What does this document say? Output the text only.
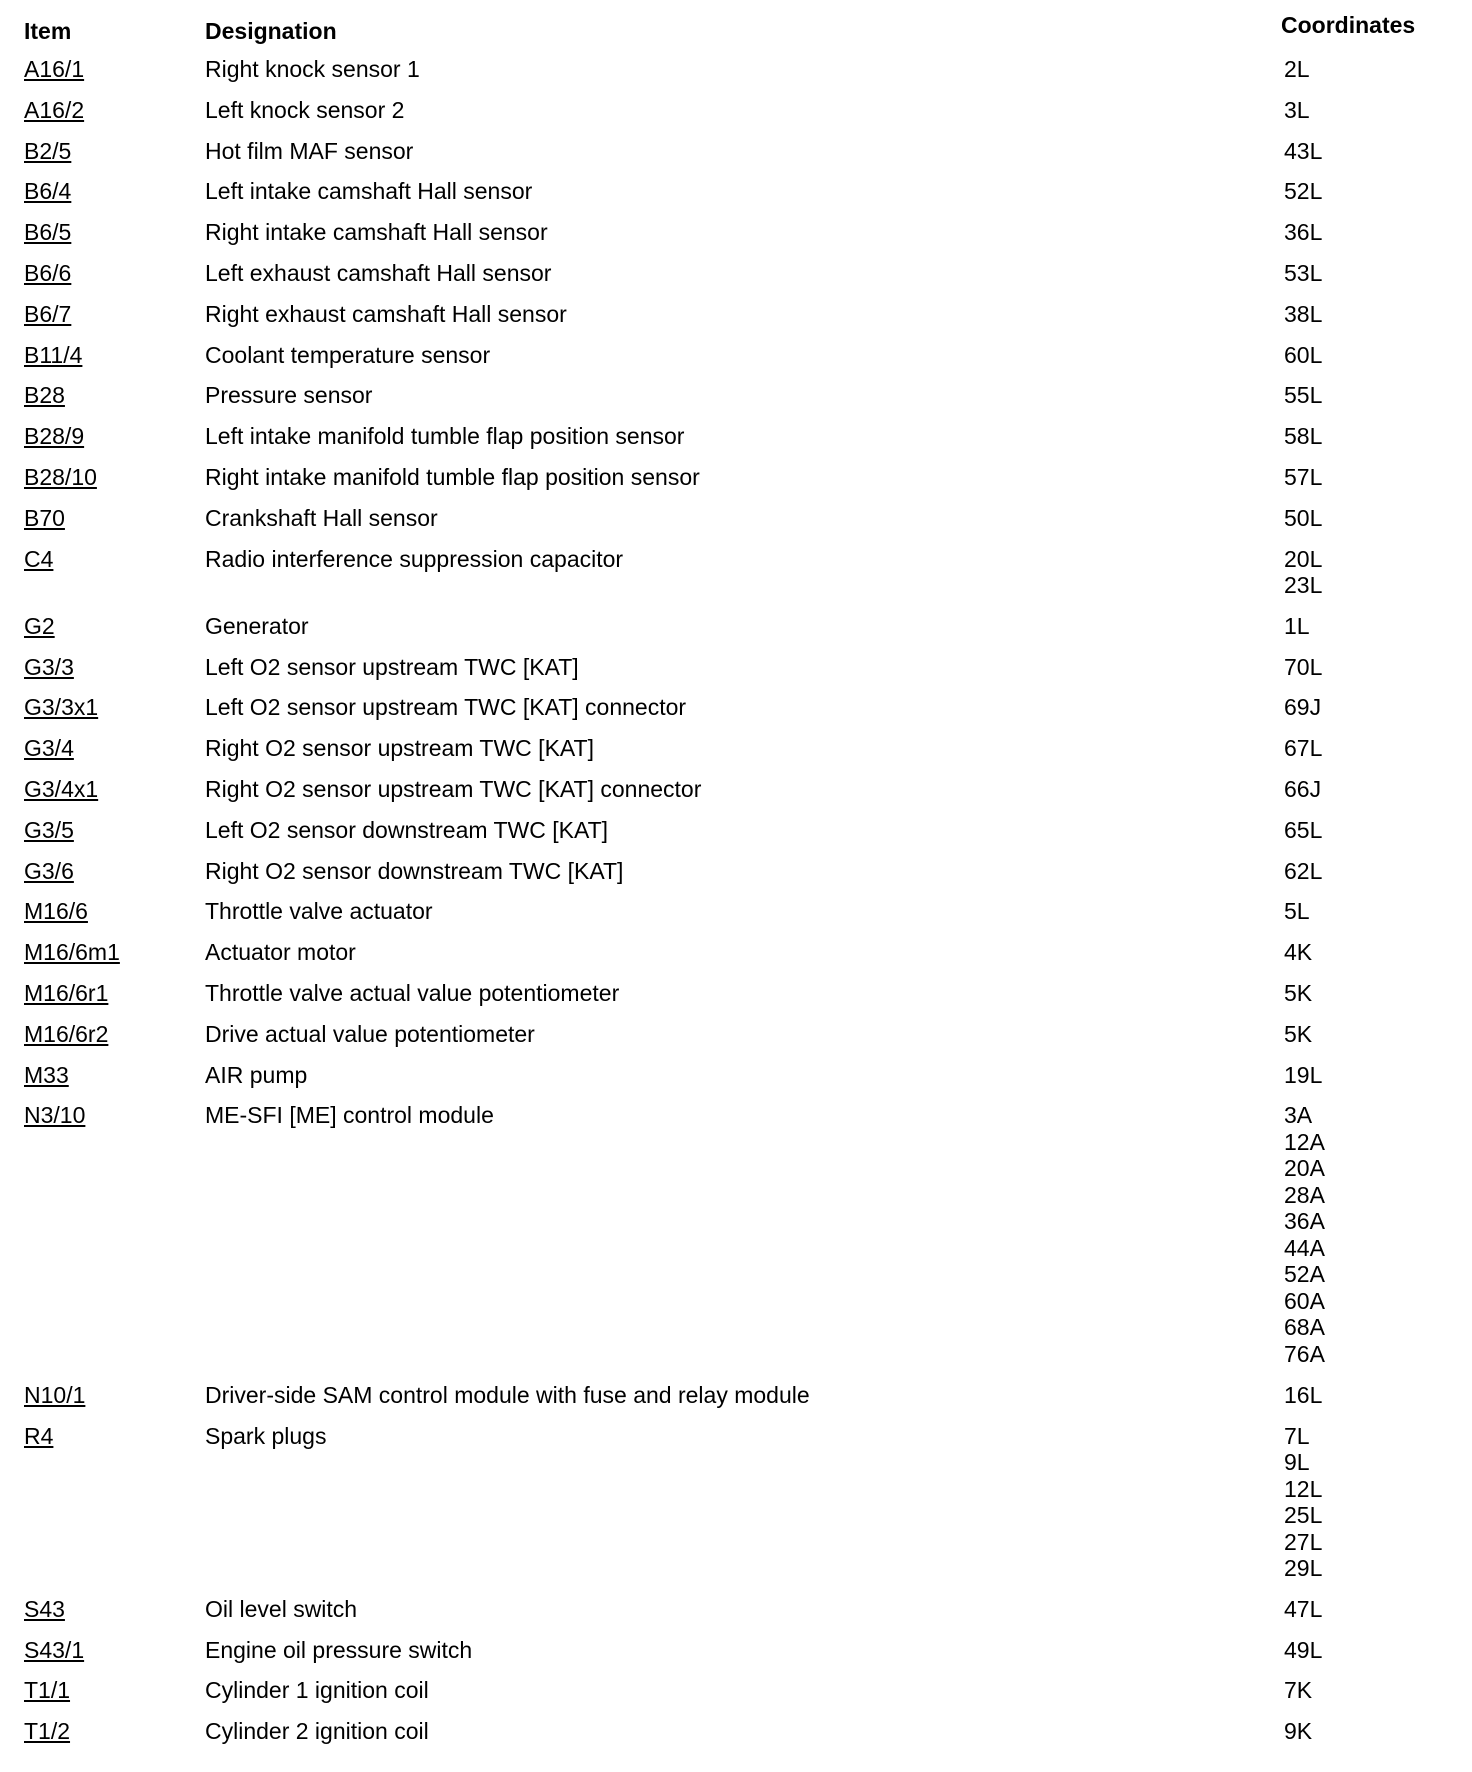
Item	Designation	Coordinates
A16/1	Right knock sensor 1	2L
A16/2	Left knock sensor 2	3L
B2/5	Hot film MAF sensor	43L
B6/4	Left intake camshaft Hall sensor	52L
B6/5	Right intake camshaft Hall sensor	36L
B6/6	Left exhaust camshaft Hall sensor	53L
B6/7	Right exhaust camshaft Hall sensor	38L
B11/4	Coolant temperature sensor	60L
B28	Pressure sensor	55L
B28/9	Left intake manifold tumble flap position sensor	58L
B28/10	Right intake manifold tumble flap position sensor	57L
B70	Crankshaft Hall sensor	50L
C4	Radio interference suppression capacitor	20L
23L
G2	Generator	1L
G3/3	Left O2 sensor upstream TWC [KAT]	70L
G3/3x1	Left O2 sensor upstream TWC [KAT] connector	69J
G3/4	Right O2 sensor upstream TWC [KAT]	67L
G3/4x1	Right O2 sensor upstream TWC [KAT] connector	66J
G3/5	Left O2 sensor downstream TWC [KAT]	65L
G3/6	Right O2 sensor downstream TWC [KAT]	62L
M16/6	Throttle valve actuator	5L
M16/6m1	Actuator motor	4K
M16/6r1	Throttle valve actual value potentiometer	5K
M16/6r2	Drive actual value potentiometer	5K
M33	AIR pump	19L
N3/10	ME-SFI [ME] control module	3A
12A
20A
28A
36A
44A
52A
60A
68A
76A
N10/1	Driver-side SAM control module with fuse and relay module	16L
R4	Spark plugs	7L
9L
12L
25L
27L
29L
S43	Oil level switch	47L
S43/1	Engine oil pressure switch	49L
T1/1	Cylinder 1 ignition coil	7K
T1/2	Cylinder 2 ignition coil	9K
